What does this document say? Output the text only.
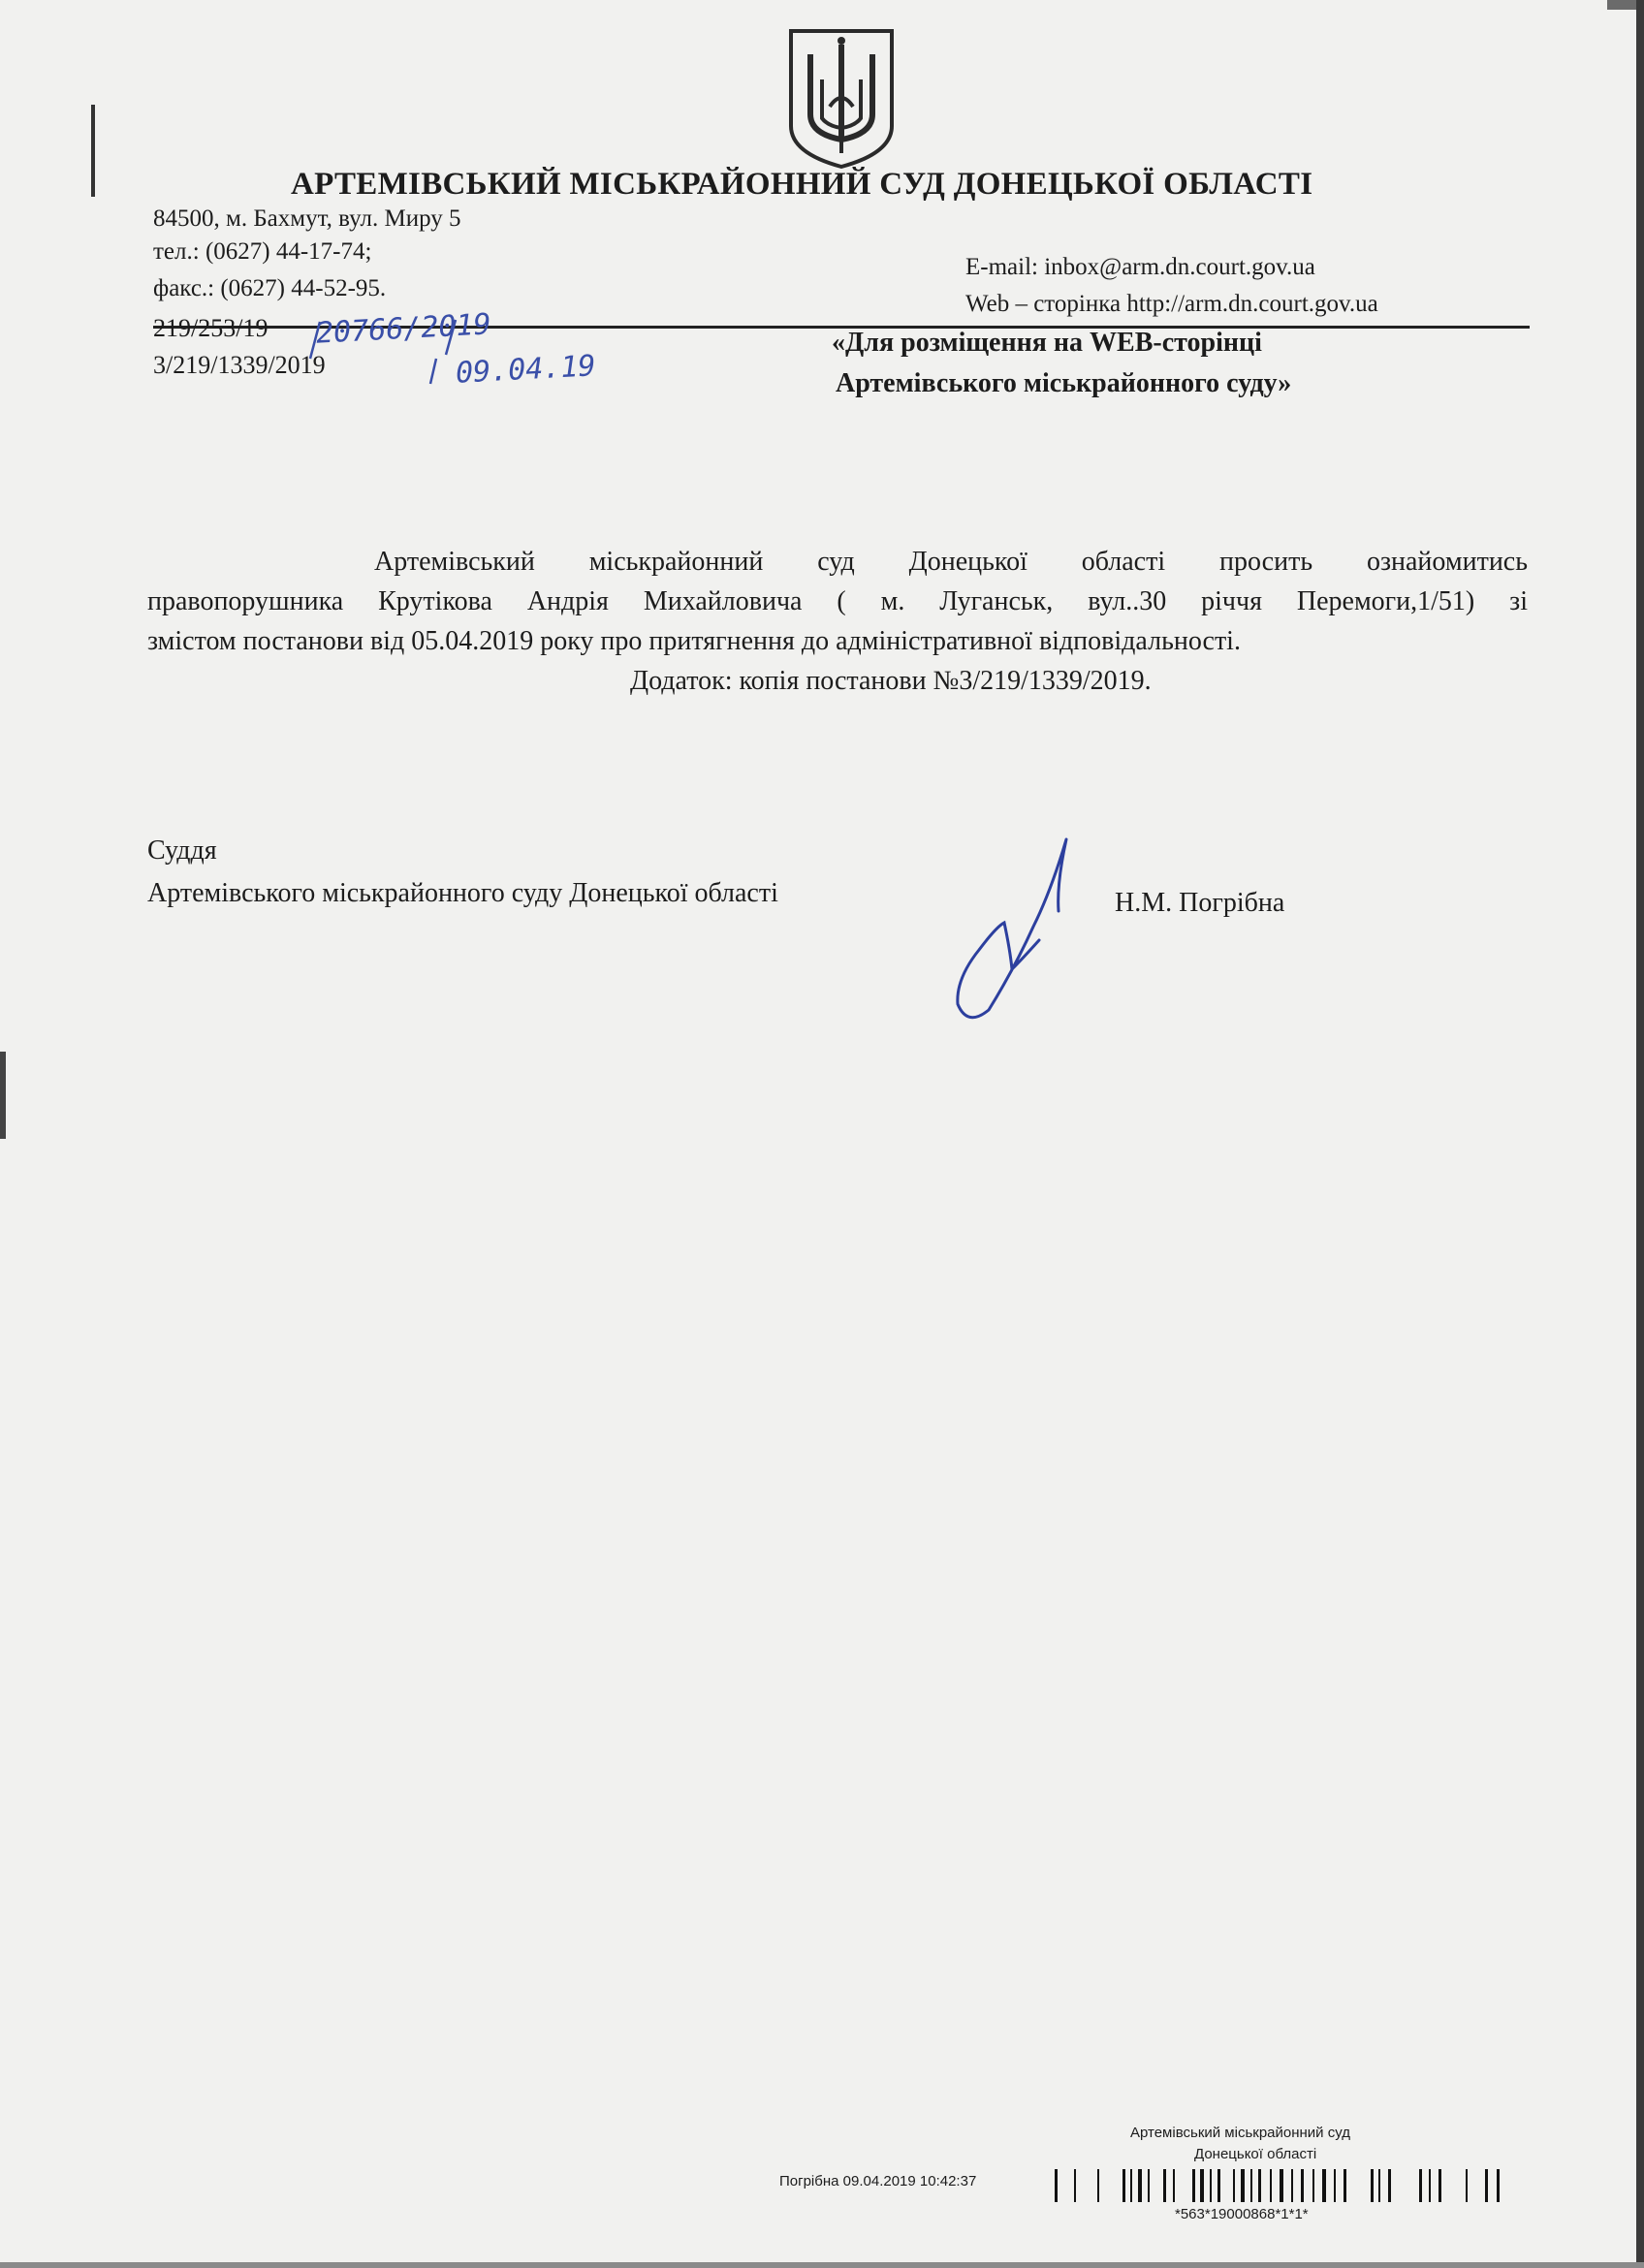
АРТЕМІВСЬКИЙ МІСЬКРАЙОННИЙ СУД ДОНЕЦЬКОЇ ОБЛАСТІ
84500, м. Бахмут, вул. Миру 5
тел.: (0627) 44-17-74;
факс.: (0627) 44-52-95.
E-mail: inbox@arm.dn.court.gov.ua
Web – сторінка http://arm.dn.court.gov.ua
219/253/19
3/219/1339/2019
20766/2019
09.04.19
«Для розміщення на WEB-сторінці
Артемівського міськрайонного суду»
Артемівський міськрайонний суд Донецької області просить ознайомитись
правопорушника Крутікова Андрія Михайловича ( м. Луганськ, вул..30 річчя Перемоги,1/51) зі
змістом постанови від 05.04.2019 року про притягнення до адміністративної відповідальності.
Додаток: копія постанови №3/219/1339/2019.
Суддя
Артемівського міськрайонного суду Донецької області	Н.М. Погрібна
Артемівський міськрайонний суд
Донецької області
Погрібна 09.04.2019 10:42:37
*563*19000868*1*1*
